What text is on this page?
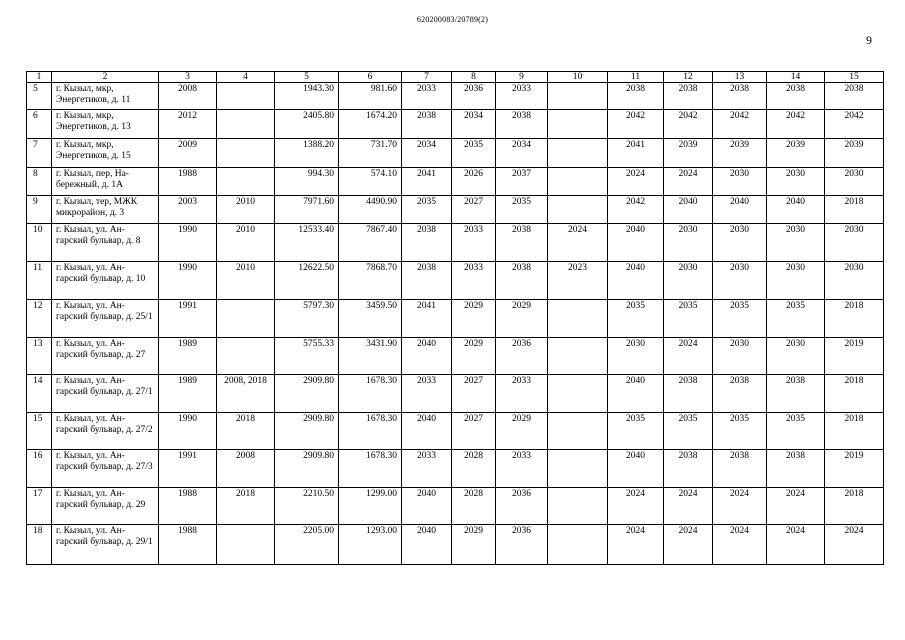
620200083/20789(2)
9
1	2	3	4	5	6	7	8	9	10	11	12	13	14	15
5	г. Кызыл, мкр, Энергетиков, д. 11	2008		1943.30	981.60	2033	2036	2033		2038	2038	2038	2038	2038
6	г. Кызыл, мкр, Энергетиков, д. 13	2012		2405.80	1674.20	2038	2034	2038		2042	2042	2042	2042	2042
7	г. Кызыл, мкр, Энергетиков, д. 15	2009		1388.20	731.70	2034	2035	2034		2041	2039	2039	2039	2039
8	г. Кызыл, пер, На-бережный, д. 1А	1988		994.30	574.10	2041	2026	2037		2024	2024	2030	2030	2030
9	г. Кызыл, тер, МЖК микрорайон, д. 3	2003	2010	7971.60	4490.90	2035	2027	2035		2042	2040	2040	2040	2018
10	г. Кызыл, ул. Ан-гарский бульвар, д. 8	1990	2010	12533.40	7867.40	2038	2033	2038	2024	2040	2030	2030	2030	2030
11	г. Кызыл, ул. Ан-гарский бульвар, д. 10	1990	2010	12622.50	7868.70	2038	2033	2038	2023	2040	2030	2030	2030	2030
12	г. Кызыл, ул. Ан-гарский бульвар, д. 25/1	1991		5797.30	3459.50	2041	2029	2029		2035	2035	2035	2035	2018
13	г. Кызыл, ул. Ан-гарский бульвар, д. 27	1989		5755.33	3431.90	2040	2029	2036		2030	2024	2030	2030	2019
14	г. Кызыл, ул. Ан-гарский бульвар, д. 27/1	1989	2008, 2018	2909.80	1678.30	2033	2027	2033		2040	2038	2038	2038	2018
15	г. Кызыл, ул. Ан-гарский бульвар, д. 27/2	1990	2018	2909.80	1678.30	2040	2027	2029		2035	2035	2035	2035	2018
16	г. Кызыл, ул. Ан-гарский бульвар, д. 27/3	1991	2008	2909.80	1678.30	2033	2028	2033		2040	2038	2038	2038	2019
17	г. Кызыл, ул. Ан-гарский бульвар, д. 29	1988	2018	2210.50	1299.00	2040	2028	2036		2024	2024	2024	2024	2018
18	г. Кызыл, ул. Ан-гарский бульвар, д. 29/1	1988		2205.00	1293.00	2040	2029	2036		2024	2024	2024	2024	2024
